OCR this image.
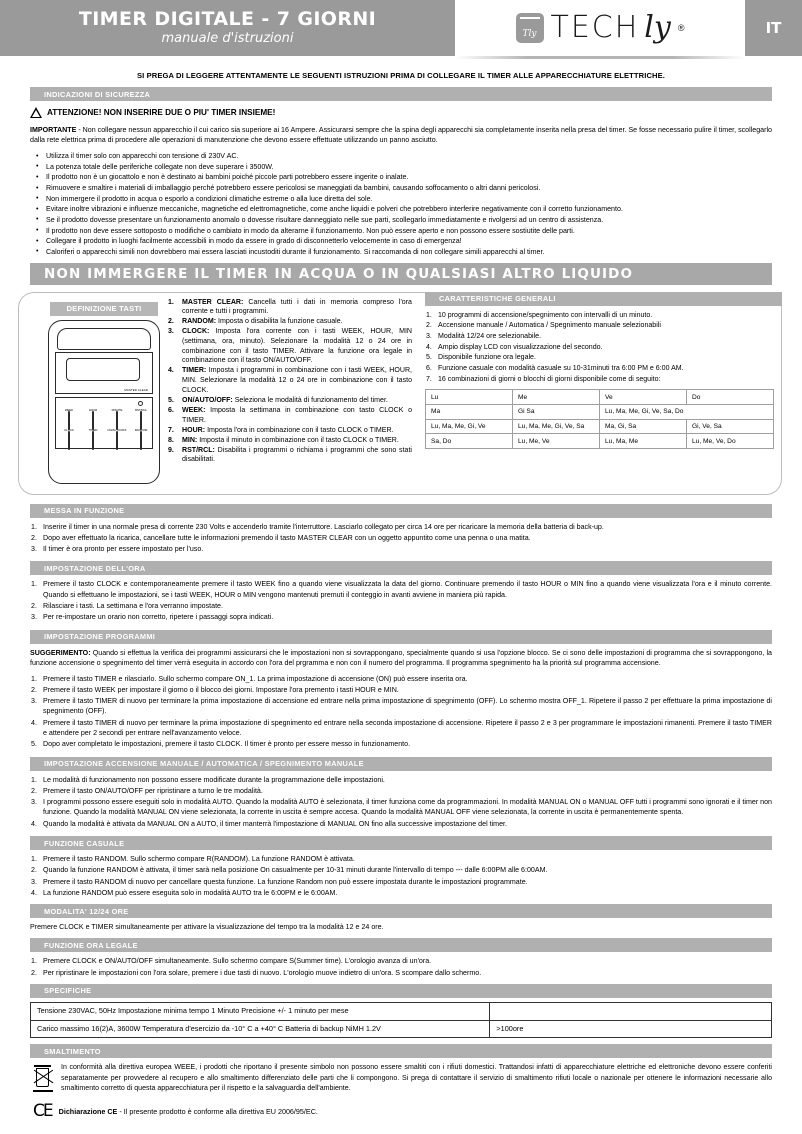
TIMER DIGITALE - 7 GIORNI
manuale d'istruzioni	Tly TECH ly ®	IT
SI PREGA DI LEGGERE ATTENTAMENTE LE SEGUENTI ISTRUZIONI PRIMA DI COLLEGARE IL TIMER ALLE APPARECCHIATURE ELETTRICHE.
INDICAZIONI DI SICUREZZA
ATTENZIONE! NON INSERIRE DUE O PIU' TIMER INSIEME!

IMPORTANTE - Non collegare nessun apparecchio il cui carico sia superiore ai 16 Ampere. Assicurarsi sempre che la spina degli apparecchi sia completamente inserita nella presa del timer. Se fosse necessario pulire il timer, scollegarlo dalla rete elettrica prima di procedere alle operazioni di manutenzione che devono essere effettuate utilizzando un panno asciutto.

• Utilizza il timer solo con apparecchi con tensione di 230V AC.
• La potenza totale delle periferiche collegate non deve superare i 3500W.
• Il prodotto non è un giocattolo e non è destinato ai bambini poiché piccole parti potrebbero essere ingerite o inalate.
• Rimuovere e smaltire i materiali di imballaggio perché potrebbero essere pericolosi se maneggiati da bambini, causando soffocamento o altri danni pericolosi.
• Non immergere il prodotto in acqua o esporlo a condizioni climatiche estreme o alla luce diretta del sole.
• Evitare inoltre vibrazioni e influenze meccaniche, magnetiche ed elettromagnetiche, come anche liquidi e polveri che potrebbero interferire negativamente con il corretto funzionamento.
• Se il prodotto dovesse presentare un funzionamento anomalo o dovesse risultare danneggiato nelle sue parti, scollegarlo immediatamente e rivolgersi ad un centro di assistenza.
• Il prodotto non deve essere sottoposto o modifiche o cambiato in modo da alterarne il funzionamento. Non può essere aperto e non possono essere sostiutite delle parti.
• Collegare il prodotto in luoghi facilmente accessibili in modo da essere in grado di disconnetterlo velocemente in caso di emergenza!
• Caloriferi o apparecchi simili non dovrebbero mai essera lasciati incustoditi durante il funzionamento. Si raccomanda di non collegare simili apparecchi al timer.
NON IMMERGERE IL TIMER IN ACQUA O IN QUALSIASI ALTRO LIQUIDO
DEFINIZIONE TASTI
MASTER CLEAR
WEEK	HOUR	MINUTE	RST/RCL
CLOCK	TIMER	ON/AUTO/OFF	RANDOM
1. MASTER CLEAR: Cancella tutti i dati in memoria compreso l'ora corrente e tutti i programmi.
2. RANDOM: Imposta o disabilita la funzione casuale.
3. CLOCK: Imposta l'ora corrente con i tasti WEEK, HOUR, MIN (settimana, ora, minuto). Selezionare la modalità 12 o 24 ore in combinazione con il tasto TIMER. Attivare la funzione ora legale in combinazione con il tasto ON/AUTO/OFF.
4. TIMER: Imposta i programmi in combinazione con i tasti WEEK, HOUR, MIN. Selezionare la modalità 12 o 24 ore in combinazione con il tasto CLOCK.
5. ON/AUTO/OFF: Seleziona le modalità di funzionamento del timer.
6. WEEK: Imposta la settimana in combinazione con tasto CLOCK o TIMER.
7. HOUR: Imposta l'ora in combinazione con il tasto CLOCK o TIMER.
8. MIN: Imposta il minuto in combinazione con il tasto CLOCK o TIMER.
9. RST/RCL: Disabilita i programmi o richiama i programmi che sono stati disabilitati.
CARATTERISTICHE GENERALI
10 programmi di accensione/spegnimento con intervalli di un minuto.
Accensione manuale / Automatica / Spegnimento manuale selezionabili
Modalità 12/24 ore selezionabile.
Ampio display LCD con visualizzazione del secondo.
Disponibile funzione ora legale.
Funzione casuale con modalità casuale su 10-31minuti tra 6:00 PM e 6:00 AM.
16 combinazioni di giorni o blocchi di giorni disponibile come di seguito:
Lu	Me	Ve	Do
Ma	Gi Sa	Lu, Ma, Me, Gi, Ve, Sa, Do	
Lu, Ma, Me, Gi, Ve	Lu, Ma, Me, Gi, Ve, Sa	Ma, Gi, Sa	Gi, Ve, Sa
Sa, Do	Lu, Me, Ve	Lu, Ma, Me	Lu, Me, Ve, Do
MESSA IN FUNZIONE
Inserire il timer in una normale presa di corrente 230 Volts e accenderlo tramite l'interruttore. Lasciarlo collegato per circa 14 ore per ricaricare la memoria della batteria di back-up.
Dopo aver effettuato la ricarica, cancellare tutte le informazioni premendo il tasto MASTER CLEAR con un oggetto appuntito come una penna o una matita.
Il timer è ora pronto per essere impostato per l'uso.
IMPOSTAZIONE DELL'ORA
Premere il tasto CLOCK e contemporaneamente premere il tasto WEEK fino a quando viene visualizzata la data del giorno. Continuare premendo il tasto HOUR o MIN fino a quando viene visualizzata l'ora e il minuto corrente. Quando si effettuano le impostazioni, se i tasti WEEK, HOUR o MIN vengono mantenuti premuti il conteggio in avanti avviene in maniera più rapida.
Rilasciare i tasti. La settimana e l'ora verranno impostate.
Per re-impostare un orario non corretto, ripetere i passaggi sopra indicati.
IMPOSTAZIONE PROGRAMMI

SUGGERIMENTO: Quando si effettua la verifica dei programmi assicurarsi che le impostazioni non si sovrappongano, specialmente quando si usa l'opzione blocco. Se ci sono delle impostazioni di programma che si sovrappongono, la funzione accensione o spegnimento del timer verrà eseguita in accordo con l'ora del prgramma e non con il numero del programma. Il programma spegnimento ha la priorità sul programma accensione.

Premere il tasto TIMER e rilasciarlo. Sullo schermo compare ON_1. La prima impostazione di accensione (ON) può essere inserita ora.
Premere il tasto WEEK per impostare il giorno o il blocco dei giorni. Impostare l'ora premento i tasti HOUR e MIN.
Premere il tasto TIMER di nuovo per terminare la prima impostazione di accensione ed entrare nella prima impostazione di spegnimento (OFF). Lo schermo mostra OFF_1. Ripetere il passo 2 per effettuare la prima impostazione di spegnimento (OFF).
Premere il tasto TIMER di nuovo per terminare la prima impostazione di spegnimento ed entrare nella seconda impostazione di accensione. Ripetere il passo 2 e 3 per programmare le impostazioni rimanenti. Premere il tasto TIMER e attendere per 2 secondi per entrare nell'avanzamento veloce.
Dopo aver completato le impostazioni, premere il tasto CLOCK. Il timer è pronto per essere messo in funzionamento.
IMPOSTAZIONE ACCENSIONE MANUALE / AUTOMATICA / SPEGNIMENTO MANUALE
Le modalità di funzionamento non possono essere modificate durante la programmazione delle impostazioni.
Premere il tasto ON/AUTO/OFF per ripristinare a turno le tre modalità.
I programmi possono essere eseguiti solo in modalità AUTO. Quando la modalità AUTO è selezionata, il timer funziona come da programmazioni. In modalità MANUAL ON o MANUAL OFF tutti i programmi sono ignorati e il timer non funzione. Quando la modalità MANUAL ON viene selezionata, la corrente in uscita è sempre accesa. Quando la modalità MANUAL OFF viene selezionata, la corrente in uscita è permanentemente spenta.
Quando la modalità è attivata da MANUAL ON a AUTO, il timer manterrà l'impostazione di MANUAL ON fino alla successive impostazione del timer.
FUNZIONE CASUALE
Premere il tasto RANDOM. Sullo schermo compare R(RANDOM). La funzione RANDOM è attivata.
Quando la funzione RANDOM è attivata, il timer sarà nella posizione On casualmente per 10-31 minuti durante l'intervallo di tempo --- dalle 6:00PM alle 6:00AM.
Premere il tasto RANDOM di nuovo per cancellare questa funzione. La funzione Random non può essere impostata durante le impostazioni programmate.
La funzione RANDOM può essere eseguita solo in modalità AUTO tra le 6:00PM e le 6:00AM.
MODALITA' 12/24 ORE

Premere CLOCK e TIMER simultaneamente per attivare la visualizzazione del tempo tra la modalità 12 e 24 ore.

FUNZIONE ORA LEGALE
Premere CLOCK e ON/AUTO/OFF simultaneamente. Sullo schermo compare S(Summer time). L'orologio avanza di un'ora.
Per ripristinare le impostazioni con l'ora solare, premere i due tasti di nuovo. L'orologio muove indietro di un'ora. S scompare dallo schermo.
SPECIFICHE
Tensione 230VAC, 50Hz Impostazione minima tempo 1 Minuto Precisione +/- 1 minuto per mese	
Carico massimo 16(2)A, 3600W Temperatura d'esercizio da -10° C a +40° C Batteria di backup NiMH 1.2V	>100ore
SMALTIMENTO

In conformità alla direttiva europea WEEE, i prodotti che riportano il presente simbolo non possono essere smaltiti con i rifiuti domestici. Trattandosi infatti di apparecchiature elettriche ed elettroniche devono essere conferiti separatamente per provvedere al recupero e allo smaltimento differenziato delle parti che li compongono. Si prega di contattare il servizio di smaltimento rifiuti locale o nazionale per ottenere le informazioni necessarie allo smaltimento corretto di questa apparecchiatura per il rispetto e la salvaguardia dell'ambiente.

CE Dichiarazione CE - Il presente prodotto è conforme alla direttiva EU 2006/95/EC.
